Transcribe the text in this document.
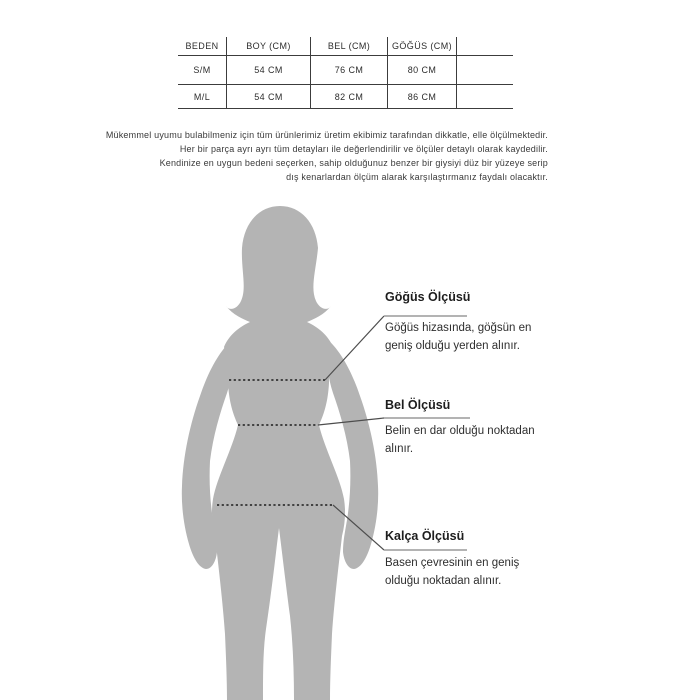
BEDEN	BOY (CM)	BEL (CM)	GÖĞÜS (CM)
S/M	54 CM	76 CM	80 CM
M/L	54 CM	82 CM	86 CM
Mükemmel uyumu bulabilmeniz için tüm ürünlerimiz üretim ekibimiz tarafından dikkatle, elle ölçülmektedir.
Her bir parça ayrı ayrı tüm detayları ile değerlendirilir ve ölçüler detaylı olarak kaydedilir.
Kendinize en uygun bedeni seçerken, sahip olduğunuz benzer bir giysiyi düz bir yüzeye serip
dış kenarlardan ölçüm alarak karşılaştırmanız faydalı olacaktır.
Göğüs Ölçüsü
Göğüs hizasında, göğsün en
geniş olduğu yerden alınır.
Bel Ölçüsü
Belin en dar olduğu noktadan
alınır.
Kalça Ölçüsü
Basen çevresinin en geniş
olduğu noktadan alınır.
